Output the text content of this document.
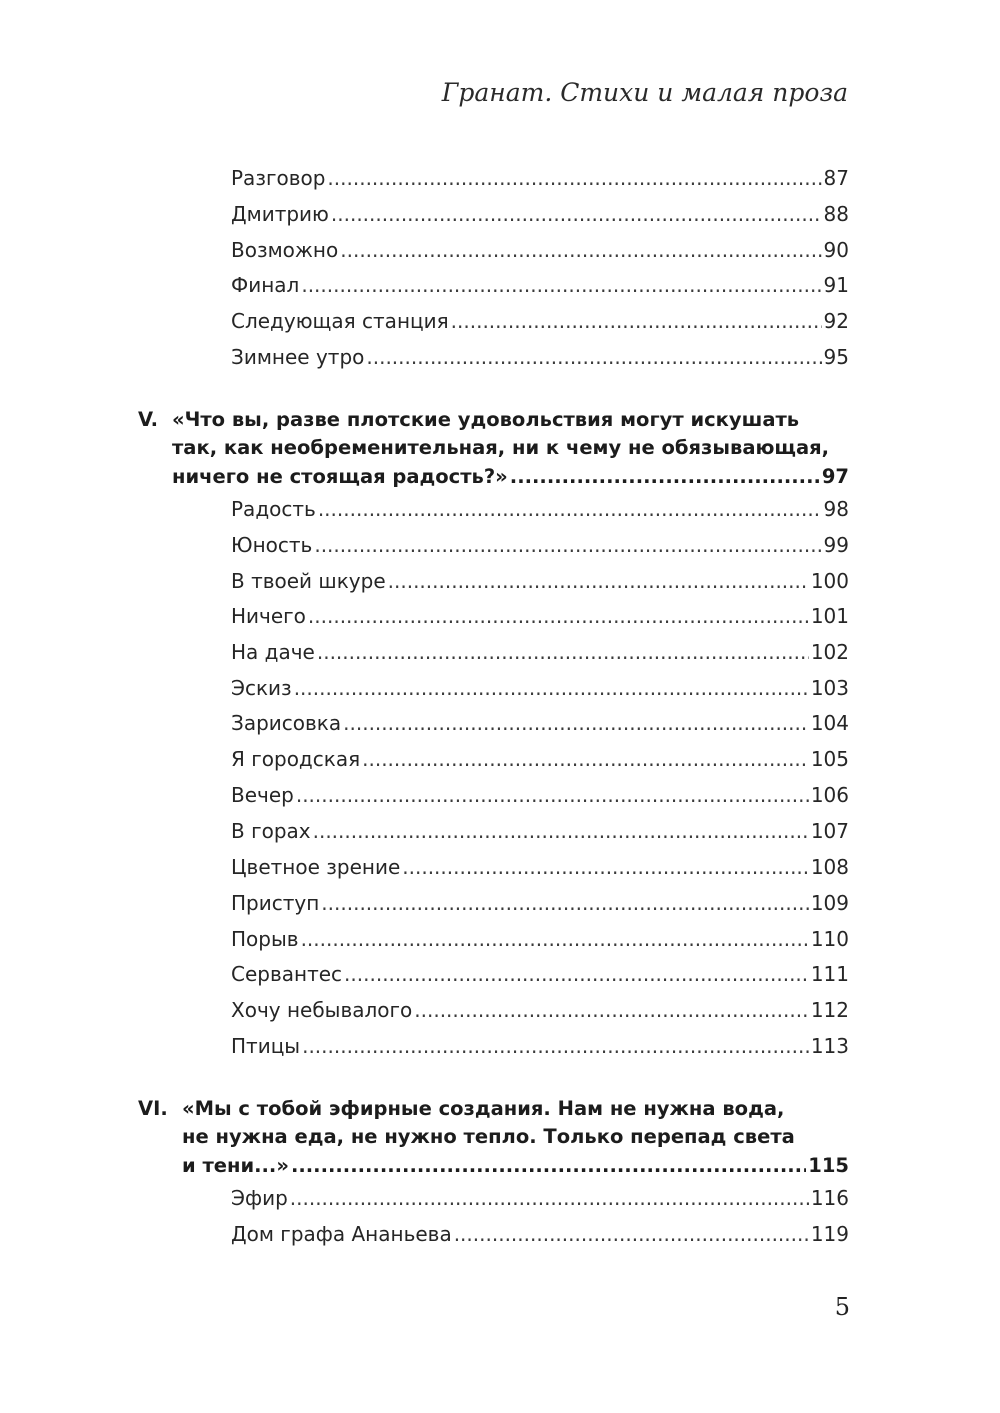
Гранат. Стихи и малая проза
Разговор .....	87
Дмитрию .....	88
Возможно .....	90
Финал .....	91
Следующая станция .....	92
Зимнее утро .....	95
V. «Что вы, разве плотские удовольствия могут искушать
так, как необременительная, ни к чему не обязывающая,
ничего не стоящая радость?» .....	97
Радость .....	98
Юность .....	99
В твоей шкуре .....	100
Ничего .....	101
На даче .....	102
Эскиз .....	103
Зарисовка .....	104
Я городская .....	105
Вечер .....	106
В горах .....	107
Цветное зрение .....	108
Приступ .....	109
Порыв .....	110
Сервантес .....	111
Хочу небывалого .....	112
Птицы .....	113
VI. «Мы с тобой эфирные создания. Нам не нужна вода,
не нужна еда, не нужно тепло. Только перепад света
и тени...» .....	115
Эфир .....	116
Дом графа Ананьева .....	119
5
